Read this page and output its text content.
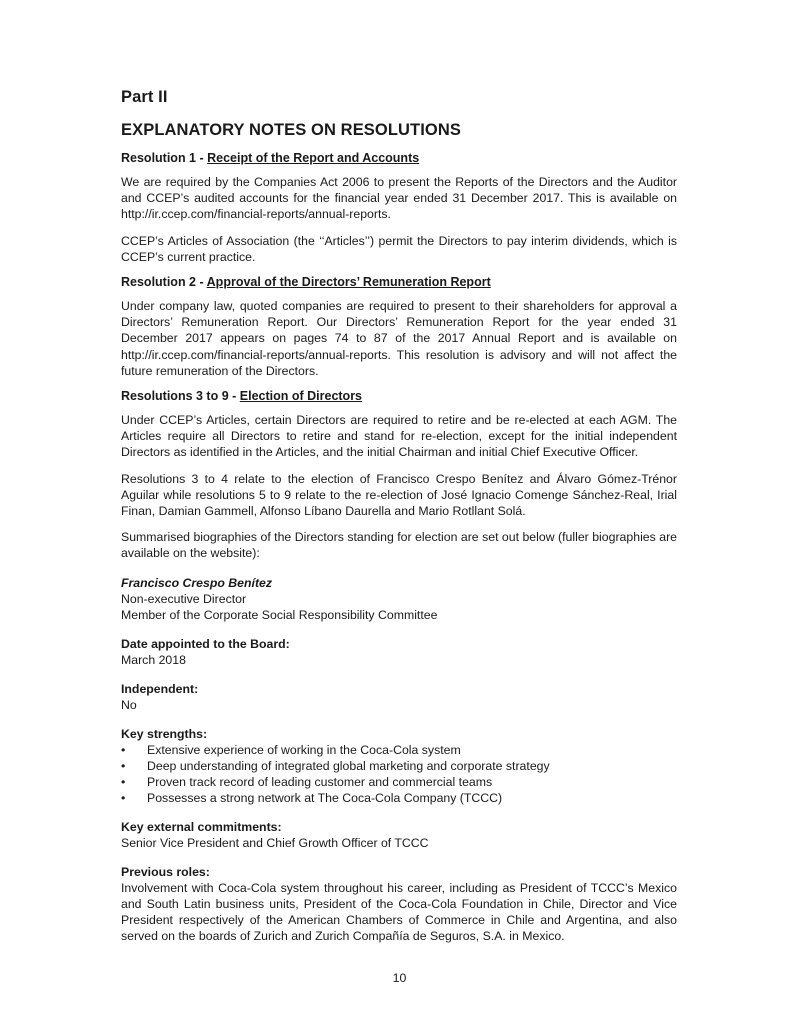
Part II
EXPLANATORY NOTES ON RESOLUTIONS
Resolution 1 - Receipt of the Report and Accounts

We are required by the Companies Act 2006 to present the Reports of the Directors and the Auditor and CCEP’s audited accounts for the financial year ended 31 December 2017. This is available on http://ir.ccep.com/financial-reports/annual-reports.

CCEP’s Articles of Association (the ‘‘Articles’’) permit the Directors to pay interim dividends, which is CCEP’s current practice.

Resolution 2 - Approval of the Directors’ Remuneration Report

Under company law, quoted companies are required to present to their shareholders for approval a Directors’ Remuneration Report. Our Directors’ Remuneration Report for the year ended 31 December 2017 appears on pages 74 to 87 of the 2017 Annual Report and is available on http://ir.ccep.com/financial-reports/annual-reports. This resolution is advisory and will not affect the future remuneration of the Directors.

Resolutions 3 to 9 - Election of Directors

Under CCEP’s Articles, certain Directors are required to retire and be re-elected at each AGM. The Articles require all Directors to retire and stand for re-election, except for the initial independent Directors as identified in the Articles, and the initial Chairman and initial Chief Executive Officer.

Resolutions 3 to 4 relate to the election of Francisco Crespo Benítez and Álvaro Gómez-Trénor Aguilar while resolutions 5 to 9 relate to the re-election of José Ignacio Comenge Sánchez-Real, Irial Finan, Damian Gammell, Alfonso Líbano Daurella and Mario Rotllant Solá.

Summarised biographies of the Directors standing for election are set out below (fuller biographies are available on the website):

Francisco Crespo Benítez
Non-executive Director
Member of the Corporate Social Responsibility Committee
Date appointed to the Board:
March 2018
Independent:
No
Key strengths:
• Extensive experience of working in the Coca-Cola system
• Deep understanding of integrated global marketing and corporate strategy
• Proven track record of leading customer and commercial teams
• Possesses a strong network at The Coca-Cola Company (TCCC)
Key external commitments:
Senior Vice President and Chief Growth Officer of TCCC
Previous roles:
Involvement with Coca-Cola system throughout his career, including as President of TCCC’s Mexico and South Latin business units, President of the Coca-Cola Foundation in Chile, Director and Vice President respectively of the American Chambers of Commerce in Chile and Argentina, and also served on the boards of Zurich and Zurich Compañía de Seguros, S.A. in Mexico.
10
